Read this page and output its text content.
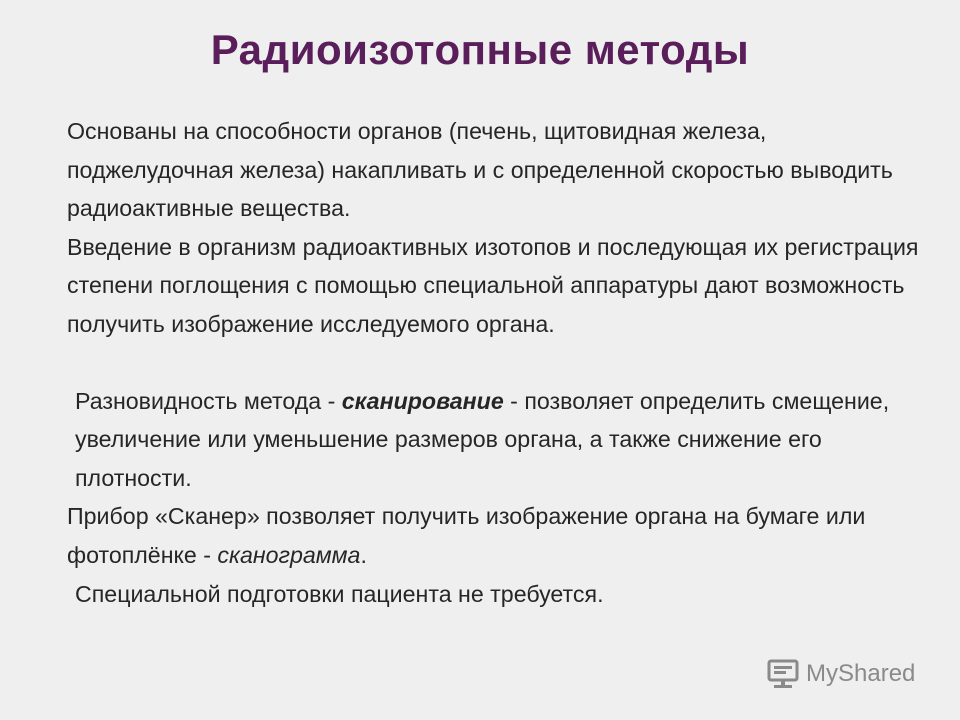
Радиоизотопные методы

Основаны на способности органов (печень, щитовидная железа, поджелудочная железа) накапливать и с определенной скоростью выводить радиоактивные вещества.

Введение в организм радиоактивных изотопов и последующая их регистрация степени поглощения с помощью специальной аппаратуры дают возможность получить изображение исследуемого органа.

Разновидность метода - сканирование - позволяет определить смещение, увеличение или уменьшение размеров органа, а также снижение его плотности.

Прибор «Сканер» позволяет получить изображение органа на бумаге или фотоплёнке - сканограмма.

Специальной подготовки пациента не требуется.

MyShared
